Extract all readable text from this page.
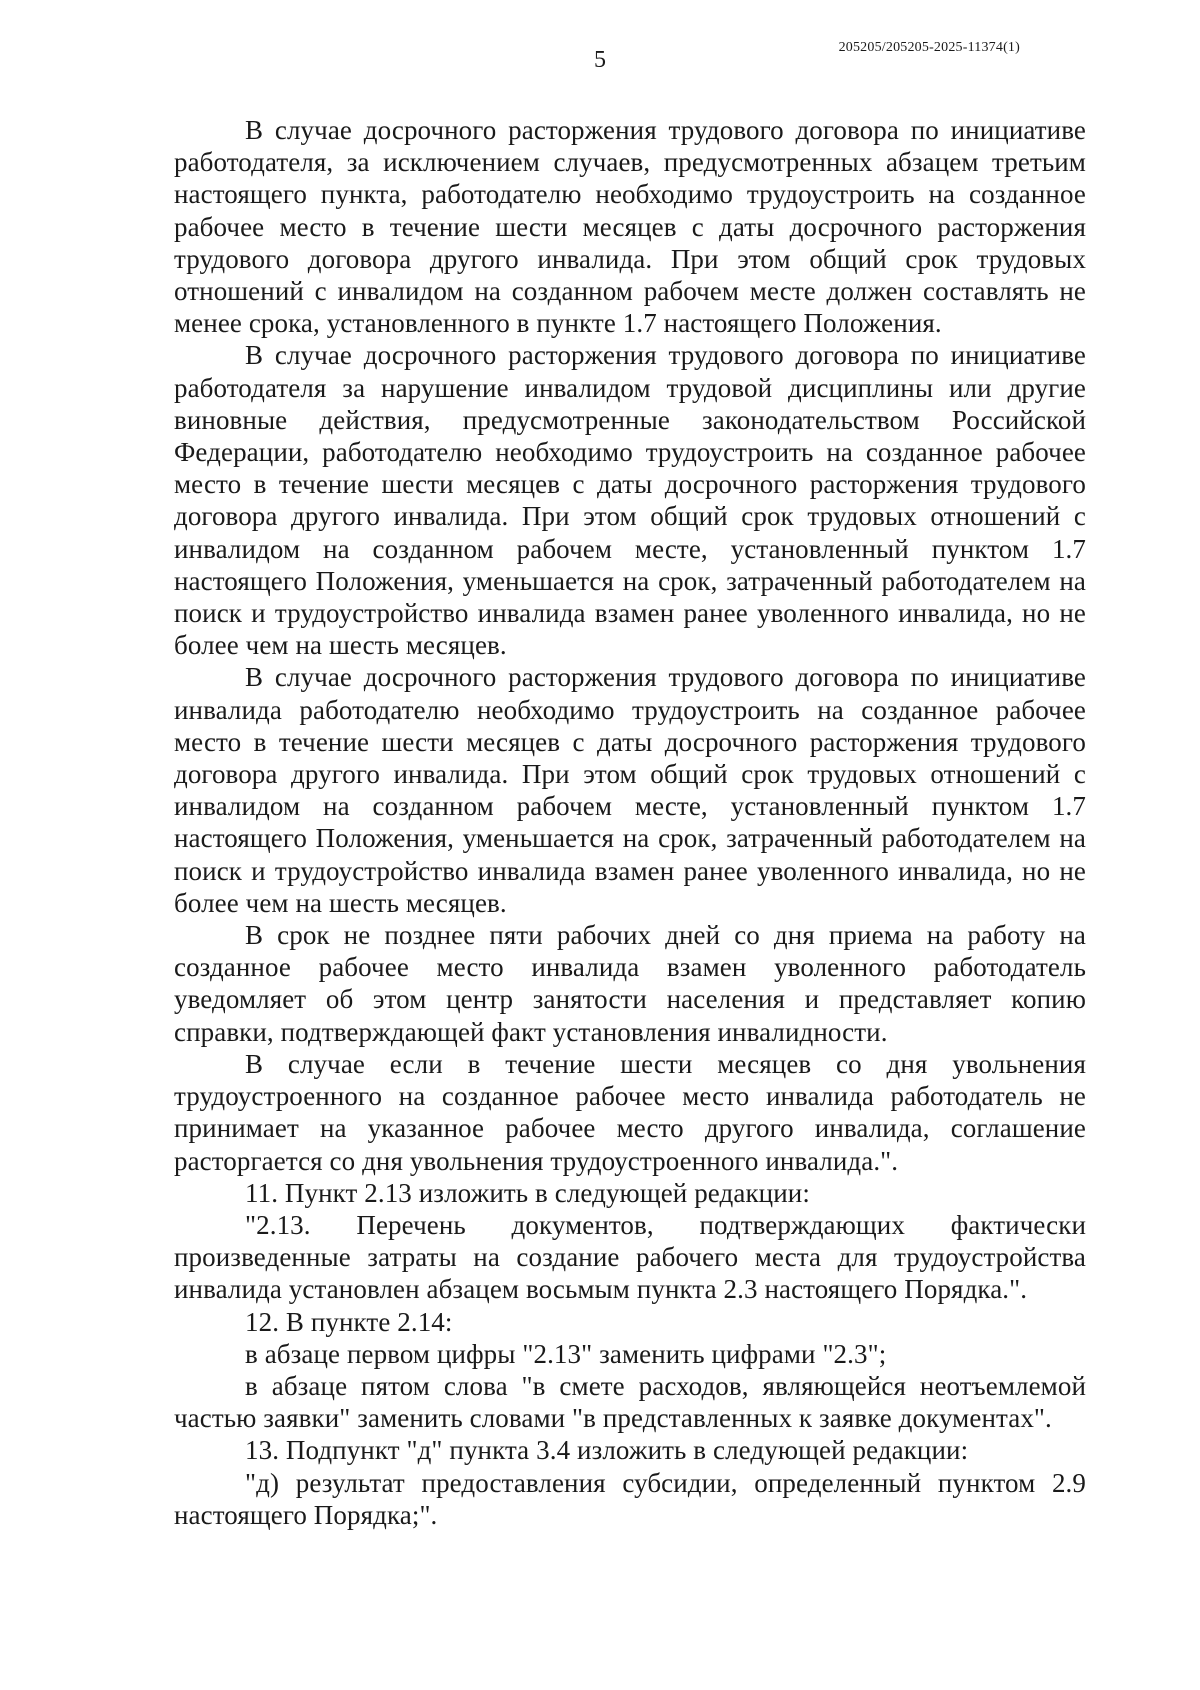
5	205205/205205-2025-11374(1)

В случае досрочного расторжения трудового договора по инициативе работодателя, за исключением случаев, предусмотренных абзацем третьим настоящего пункта, работодателю необходимо трудоустроить на созданное рабочее место в течение шести месяцев с даты досрочного расторжения трудового договора другого инвалида. При этом общий срок трудовых отношений с инвалидом на созданном рабочем месте должен составлять не менее срока, установленного в пункте 1.7 настоящего Положения.

В случае досрочного расторжения трудового договора по инициативе работодателя за нарушение инвалидом трудовой дисциплины или другие виновные действия, предусмотренные законодательством Российской Федерации, работодателю необходимо трудоустроить на созданное рабочее место в течение шести месяцев с даты досрочного расторжения трудового договора другого инвалида. При этом общий срок трудовых отношений с инвалидом на созданном рабочем месте, установленный пунктом 1.7 настоящего Положения, уменьшается на срок, затраченный работодателем на поиск и трудоустройство инвалида взамен ранее уволенного инвалида, но не более чем на шесть месяцев.

В случае досрочного расторжения трудового договора по инициативе инвалида работодателю необходимо трудоустроить на созданное рабочее место в течение шести месяцев с даты досрочного расторжения трудового договора другого инвалида. При этом общий срок трудовых отношений с инвалидом на созданном рабочем месте, установленный пунктом 1.7 настоящего Положения, уменьшается на срок, затраченный работодателем на поиск и трудоустройство инвалида взамен ранее уволенного инвалида, но не более чем на шесть месяцев.

В срок не позднее пяти рабочих дней со дня приема на работу на созданное рабочее место инвалида взамен уволенного работодатель уведомляет об этом центр занятости населения и представляет копию справки, подтверждающей факт установления инвалидности.

В случае если в течение шести месяцев со дня увольнения трудоустроенного на созданное рабочее место инвалида работодатель не принимает на указанное рабочее место другого инвалида, соглашение расторгается со дня увольнения трудоустроенного инвалида.".

11. Пункт 2.13 изложить в следующей редакции:

"2.13. Перечень документов, подтверждающих фактически произведенные затраты на создание рабочего места для трудоустройства инвалида установлен абзацем восьмым пункта 2.3 настоящего Порядка.".

12. В пункте 2.14:

в абзаце первом цифры "2.13" заменить цифрами "2.3";

в абзаце пятом слова "в смете расходов, являющейся неотъемлемой частью заявки" заменить словами "в представленных к заявке документах".

13. Подпункт "д" пункта 3.4 изложить в следующей редакции:

"д) результат предоставления субсидии, определенный пунктом 2.9 настоящего Порядка;".
